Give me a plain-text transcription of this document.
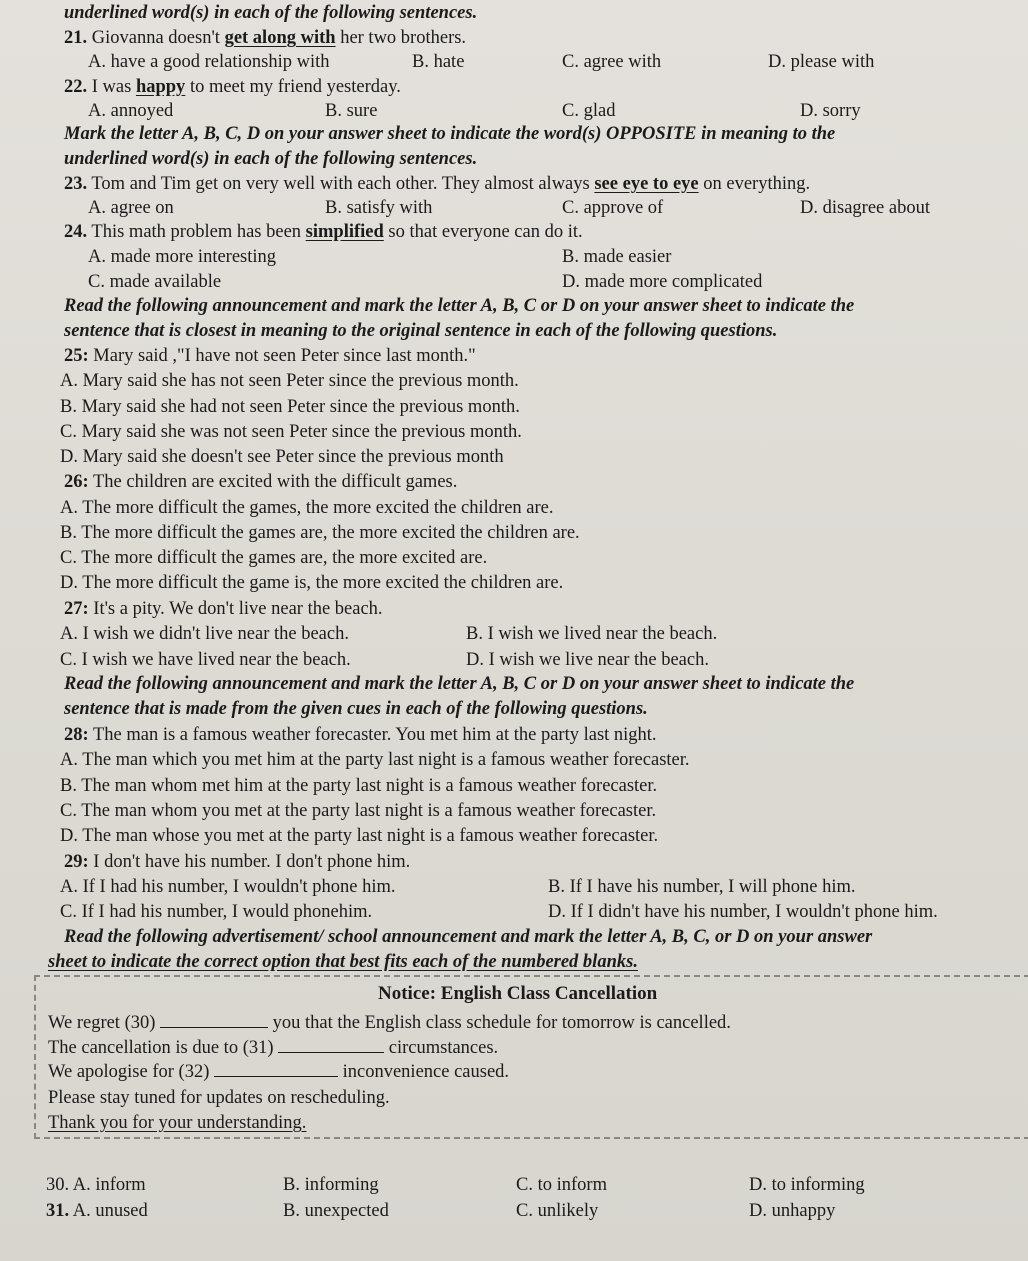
underlined word(s) in each of the following sentences.
21. Giovanna doesn't get along with her two brothers.
A. have a good relationship with	B. hate	C. agree with	D. please with
22. I was happy to meet my friend yesterday.
A. annoyed	B. sure	C. glad	D. sorry
Mark the letter A, B, C, D on your answer sheet to indicate the word(s) OPPOSITE in meaning to the
underlined word(s) in each of the following sentences.
23. Tom and Tim get on very well with each other. They almost always see eye to eye on everything.
A. agree on	B. satisfy with	C. approve of	D. disagree about
24. This math problem has been simplified so that everyone can do it.
A. made more interesting	B. made easier
C. made available	D. made more complicated
Read the following announcement and mark the letter A, B, C or D on your answer sheet to indicate the
sentence that is closest in meaning to the original sentence in each of the following questions.
25: Mary said ,"I have not seen Peter since last month."
A. Mary said she has not seen Peter since the previous month.
B. Mary said she had not seen Peter since the previous month.
C. Mary said she was not seen Peter since the previous month.
D. Mary said she doesn't see Peter since the previous month
26: The children are excited with the difficult games.
A. The more difficult the games, the more excited the children are.
B. The more difficult the games are, the more excited the children are.
C. The more difficult the games are, the more excited are.
D. The more difficult the game is, the more excited the children are.
27: It's a pity. We don't live near the beach.
A. I wish we didn't live near the beach.	B. I wish we lived near the beach.
C. I wish we have lived near the beach.	D. I wish we live near the beach.
Read the following announcement and mark the letter A, B, C or D on your answer sheet to indicate the
sentence that is made from the given cues in each of the following questions.
28: The man is a famous weather forecaster. You met him at the party last night.
A. The man which you met him at the party last night is a famous weather forecaster.
B. The man whom met him at the party last night is a famous weather forecaster.
C. The man whom you met at the party last night is a famous weather forecaster.
D. The man whose you met at the party last night is a famous weather forecaster.
29: I don't have his number. I don't phone him.
A. If I had his number, I wouldn't phone him.	B. If I have his number, I will phone him.
C. If I had his number, I would phonehim.	D. If I didn't have his number, I wouldn't phone him.
Read the following advertisement/ school announcement and mark the letter A, B, C, or D on your answer
sheet to indicate the correct option that best fits each of the numbered blanks.
Notice: English Class Cancellation
We regret (30)	you that the English class schedule for tomorrow is cancelled.
The cancellation is due to (31)	circumstances.
We apologise for (32)	inconvenience caused.
Please stay tuned for updates on rescheduling.
Thank you for your understanding.
30. A. inform	B. informing	C. to inform	D. to informing
31. A. unused	B. unexpected	C. unlikely	D. unhappy
